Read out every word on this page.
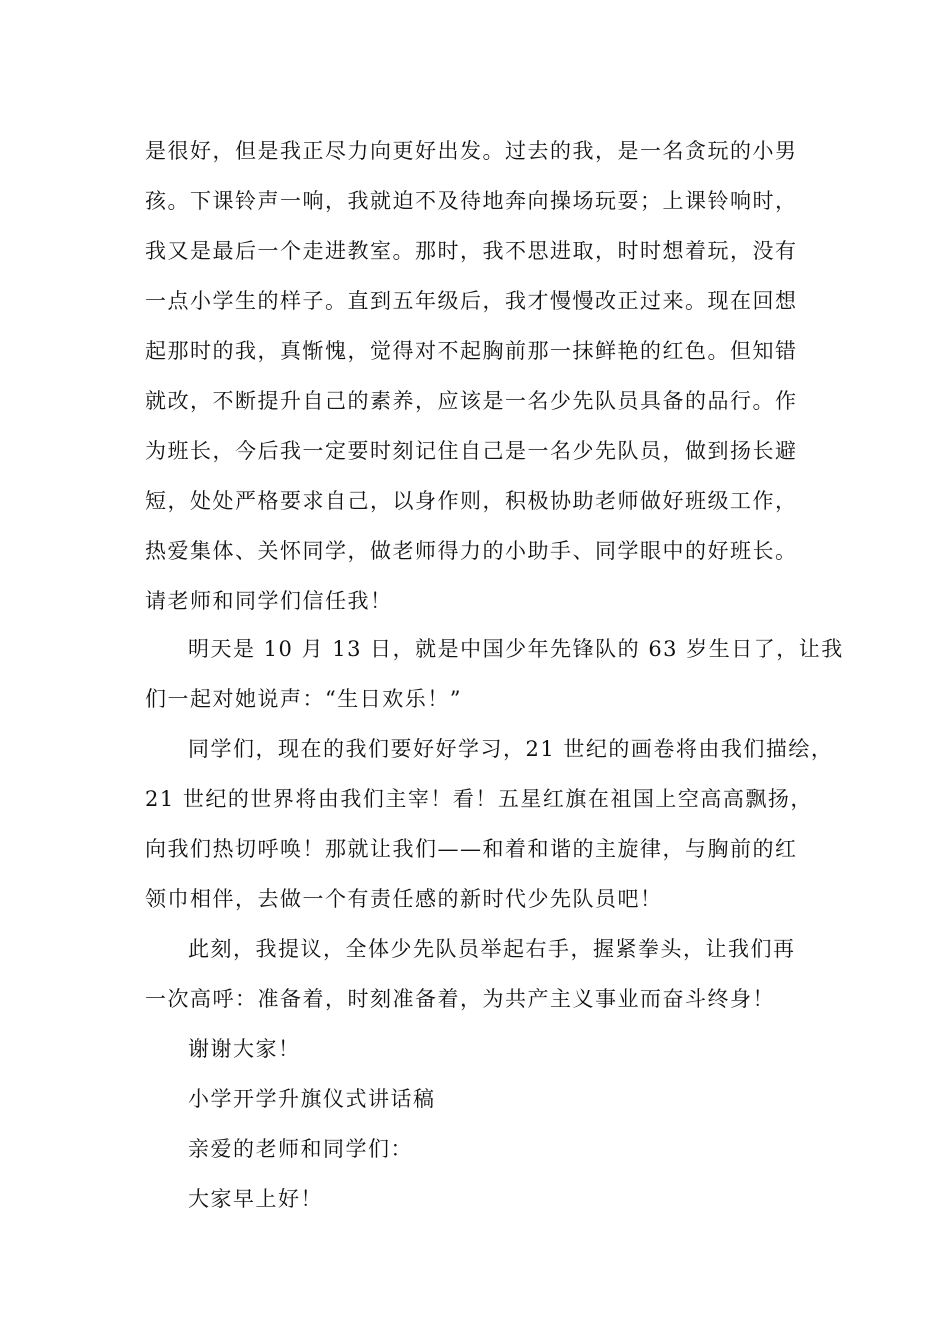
是很好，但是我正尽力向更好出发。过去的我，是一名贪玩的小男
孩。下课铃声一响，我就迫不及待地奔向操场玩耍；上课铃响时，
我又是最后一个走进教室。那时，我不思进取，时时想着玩，没有
一点小学生的样子。直到五年级后，我才慢慢改正过来。现在回想
起那时的我，真惭愧，觉得对不起胸前那一抹鲜艳的红色。但知错
就改，不断提升自己的素养，应该是一名少先队员具备的品行。作
为班长，今后我一定要时刻记住自己是一名少先队员，做到扬长避
短，处处严格要求自己，以身作则，积极协助老师做好班级工作，
热爱集体、关怀同学，做老师得力的小助手、同学眼中的好班长。
请老师和同学们信任我！
明天是 10 月 13 日，就是中国少年先锋队的 63 岁生日了，让我
们一起对她说声：“生日欢乐！”
同学们，现在的我们要好好学习，21 世纪的画卷将由我们描绘，
21 世纪的世界将由我们主宰！看！五星红旗在祖国上空高高飘扬，
向我们热切呼唤！那就让我们——和着和谐的主旋律，与胸前的红
领巾相伴，去做一个有责任感的新时代少先队员吧！
此刻，我提议，全体少先队员举起右手，握紧拳头，让我们再
一次高呼：准备着，时刻准备着，为共产主义事业而奋斗终身！
谢谢大家！
小学开学升旗仪式讲话稿
亲爱的老师和同学们：
大家早上好！
